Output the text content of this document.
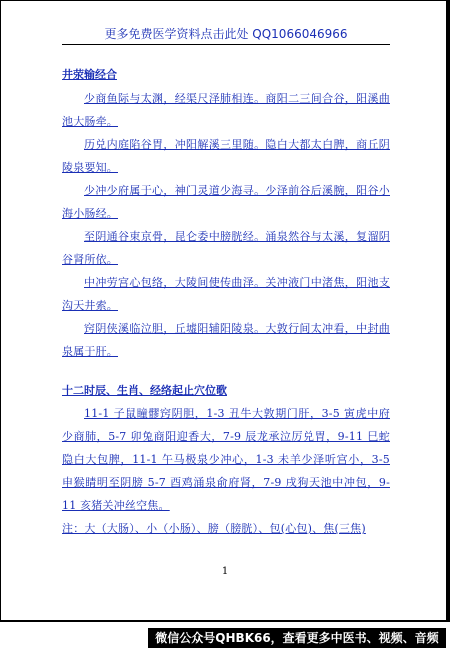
更多免费医学资料点击此处 QQ1066046966
井荥输经合

少商鱼际与太渊，经渠尺泽肺相连。商阳二三间合谷，阳溪曲池大肠牵。

历兑内庭陷谷胃，冲阳解溪三里随。隐白大都太白脾，商丘阴陵泉要知。

少冲少府属于心，神门灵道少海寻。少泽前谷后溪腕，阳谷小海小肠经。

至阴通谷束京骨，昆仑委中膀胱经。涌泉然谷与太溪，复溜阴谷肾所依。

中冲劳宫心包络，大陵间使传曲泽。关冲液门中渚焦，阳池支沟天井索。

窍阴侠溪临泣胆，丘墟阳辅阳陵泉。大敦行间太冲看，中封曲泉属于肝。

十二时辰、生肖、经络起止穴位歌

11-1 子鼠瞳髎窍阴胆，1-3 丑牛大敦期门肝，3-5 寅虎中府少商肺，5-7 卯兔商阳迎香大，7-9 辰龙承泣厉兑胃，9-11 巳蛇隐白大包脾，11-1 午马极泉少冲心，1-3 未羊少泽听宫小，3-5 申猴睛明至阴膀 5-7 酉鸡涌泉俞府肾，7-9 戌狗天池中冲包，9-11 亥猪关冲丝空焦。

注：大（大肠）、小（小肠）、膀（膀胱）、包(心包)、焦(三焦)

1
微信公众号QHBK66，查看更多中医书、视频、音频
